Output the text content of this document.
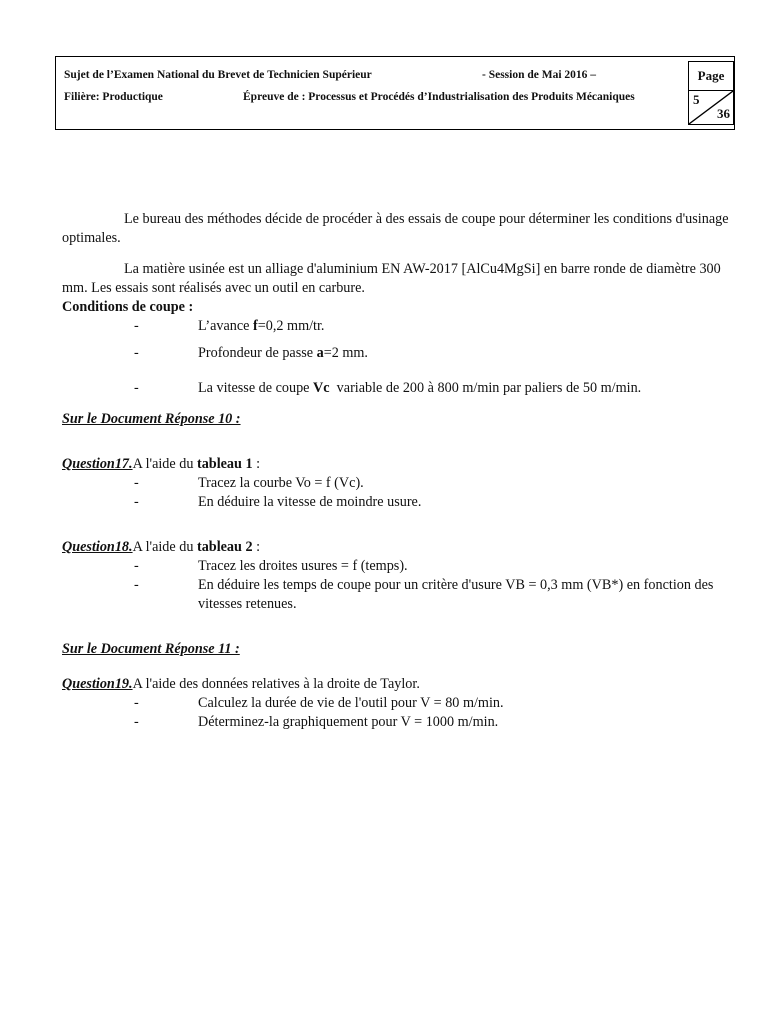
Sujet de l’Examen National du Brevet de Technicien Supérieur	- Session de Mai 2016 –
Filière: Productique	Épreuve de : Processus et Procédés d’Industrialisation des Produits Mécaniques
Page
5
36

Le bureau des méthodes décide de procéder à des essais de coupe pour déterminer les conditions d'usinage optimales.

La matière usinée est un alliage d'aluminium EN AW-2017 [AlCu4MgSi] en barre ronde de diamètre 300 mm. Les essais sont réalisés avec un outil en carbure.

Conditions de coupe :

-	L’avance f=0,2 mm/tr.
-	Profondeur de passe a=2 mm.
-	La vitesse de coupe Vc  variable de 200 à 800 m/min par paliers de 50 m/min.

Sur le Document Réponse 10 :

Question17.A l'aide du tableau 1 :

-	Tracez la courbe Vo = f (Vc).
-	En déduire la vitesse de moindre usure.

Question18.A l'aide du tableau 2 :

-	Tracez les droites usures = f (temps).
-	En déduire les temps de coupe pour un critère d'usure VB = 0,3 mm (VB*) en fonction des vitesses retenues.

Sur le Document Réponse 11 :

Question19.A l'aide des données relatives à la droite de Taylor.

-	Calculez la durée de vie de l'outil pour V = 80 m/min.
-	Déterminez-la graphiquement pour V = 1000 m/min.
